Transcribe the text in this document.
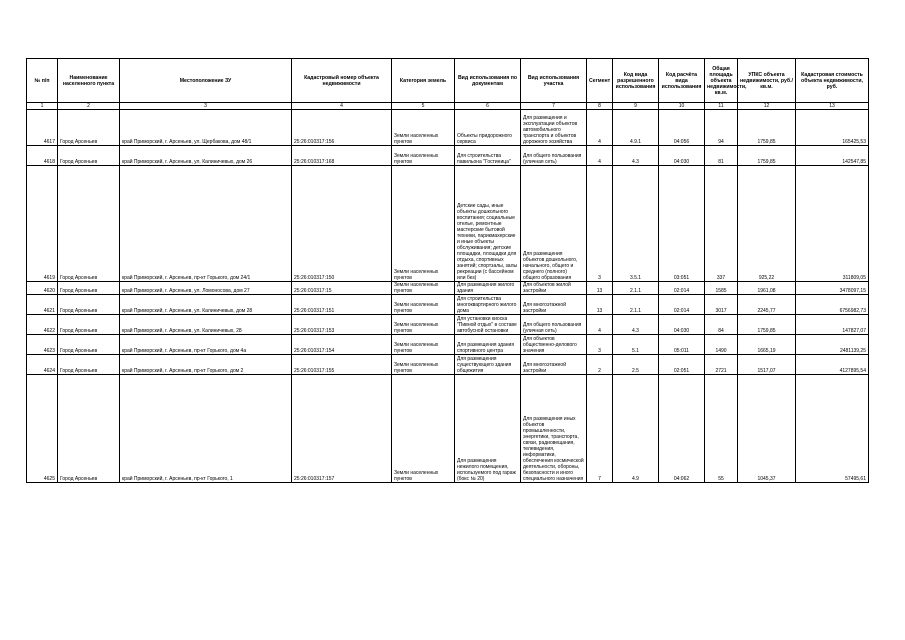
№ п/п	Наименование населенного пункта	Местоположение ЗУ	Кадастровый номер объекта недвижимости	Категория земель	Вид использования по документам	Вид использования участка	Сегмент	Код вида разрешенного использования	Код расчёта вида использования	Общая площадь объекта недвижимости, кв.м.	УПКС объекта недвижимости, руб./кв.м.	Кадастровая стоимость объекта недвижимости, руб.
1	2	3	4	5	6	7	8	9	10	11	12	13
4617	Город Арсеньев	край Приморский, г. Арсеньев, ул. Щербакова, дом 48/1	25:26:010317:156	Земли населенных пунктов	Объекты придорожного сервиса	Для размещения и эксплуатации объектов автомобильного транспорта и объектов дорожного хозяйства	4	4.9.1	04:056	94	1759,85	165425,53
4618	Город Арсеньев	край Приморский, г. Арсеньев, ул. Калиничевых, дом 26	25:26:010317:168	Земли населенных пунктов	Для строительства павильона "Гостиница"	Для общего пользования (уличная сеть)	4	4.3	04:030	81	1759,85	142547,85
4619	Город Арсеньев	край Приморский, г. Арсеньев, пр-кт Горького, дом 24/1	25:26:010317:150	Земли населенных пунктов	Детские сады, иные объекты дошкольного воспитания; социальные отелье, ремонтные мастерские бытовой техники, парикмахерские и иные объекты обслуживания; детские площадки, площадки для отдыха, спортивных занятий; спортзалы, залы рекреации (с бассейном или без)	Для размещения объектов дошкольного, начального, общего и среднего (полного) общего образования	3	3.5.1	03:051	337	925,22	311809,05
4620	Город Арсеньев	край Приморский, г. Арсеньев, ул. Ломоносова, дом 27	25:26:010317:15	Земли населенных пунктов	Для размещения жилого здания	Для объектов жилой застройки	13	2.1.1	02:014	1585	1961,08	3478097,15
4621	Город Арсеньев	край Приморский, г. Арсеньев, ул. Калиничевых, дом 28	25:26:010317:151	Земли населенных пунктов	Для строительства многоквартирного жилого дома	Для многоэтажной застройки	13	2.1.1	02:014	3017	2245,77	6756982,73
4622	Город Арсеньев	край Приморский, г. Арсеньев, ул. Калиничевых, 28	25:26:010317:153	Земли населенных пунктов	Для установки киоска "Пивной отдых" в составе автобусной остановки	Для общего пользования (уличная сеть)	4	4.3	04:030	84	1759,85	147827,07
4623	Город Арсеньев	край Приморский, г. Арсеньев, пр-кт Горького, дом 4а	25:26:010317:154	Земли населенных пунктов	Для размещения здания спортивного центра	Для объектов общественно-делового значения	3	5.1	05:011	1490	1665,19	2481139,25
4624	Город Арсеньев	край Приморский, г. Арсеньев, пр-кт Горького, дом 2	25:26:010317:155	Земли населенных пунктов	Для размещения существующего здания общежития	Для многоэтажной застройки	2	2.5	02:051	2721	1517,07	4127895,54
4625	Город Арсеньев	край Приморский, г. Арсеньев, пр-кт Горького, 1	25:26:010317:157	Земли населенных пунктов	Для размещения нежилого помещения, используемого под гараж (бокс № 20)	Для размещения иных объектов промышленности, энергетики, транспорта, связи, радиовещания, телевидения, информатики, обеспечения космической деятельности, обороны, безопасности и иного специального назначения	7	4.9	04:062	55	1045,37	57495,61
